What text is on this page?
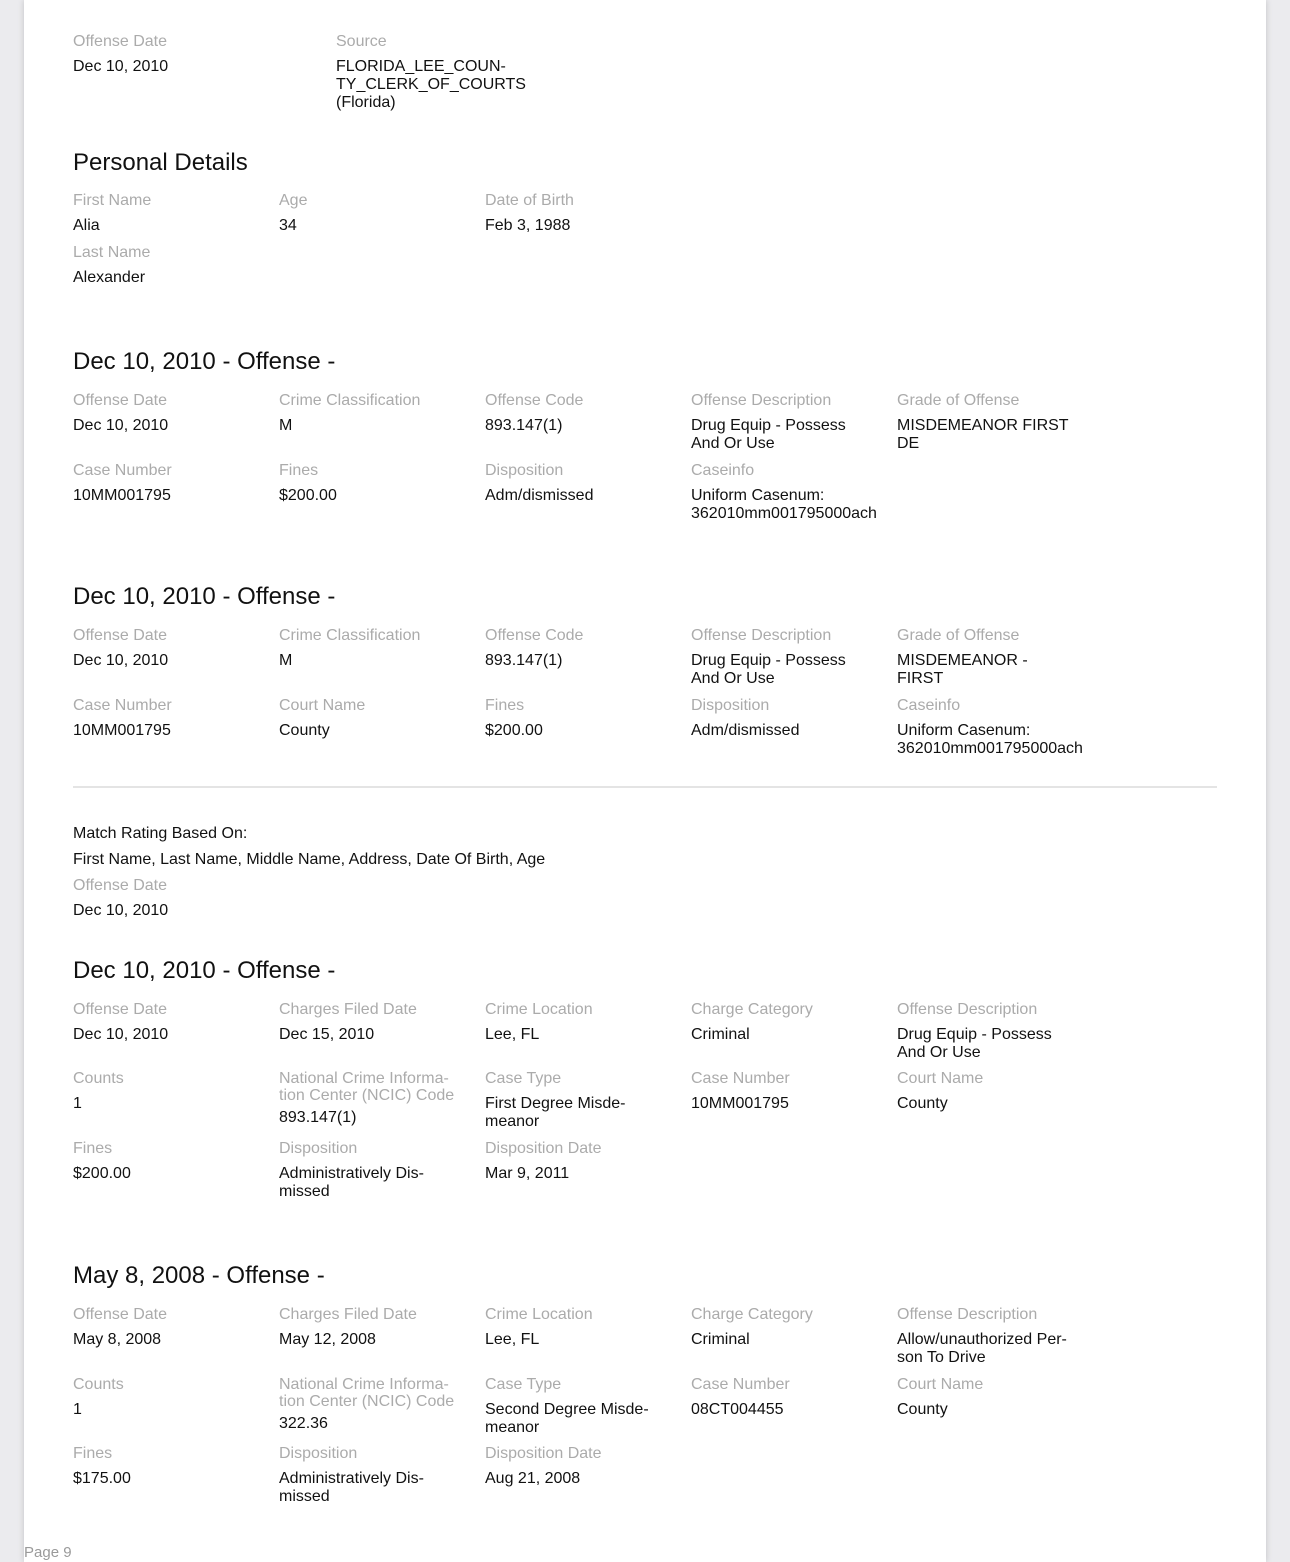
Offense Date
Dec 10, 2010
Source
FLORIDA_LEE_COUN-
TY_CLERK_OF_COURTS
(Florida)
Personal Details
First Name
Alia
Age
34
Date of Birth
Feb 3, 1988
Last Name
Alexander
Dec 10, 2010 - Offense -
Offense Date
Dec 10, 2010
Crime Classification
M
Offense Code
893.147(1)
Offense Description
Drug Equip - Possess
And Or Use
Grade of Offense
MISDEMEANOR FIRST
DE
Case Number
10MM001795
Fines
$200.00
Disposition
Adm/dismissed
Caseinfo
Uniform Casenum:
362010mm001795000ach
Dec 10, 2010 - Offense -
Offense Date
Dec 10, 2010
Crime Classification
M
Offense Code
893.147(1)
Offense Description
Drug Equip - Possess
And Or Use
Grade of Offense
MISDEMEANOR -
FIRST
Case Number
10MM001795
Court Name
County
Fines
$200.00
Disposition
Adm/dismissed
Caseinfo
Uniform Casenum:
362010mm001795000ach
Match Rating Based On:
First Name, Last Name, Middle Name, Address, Date Of Birth, Age
Offense Date
Dec 10, 2010
Dec 10, 2010 - Offense -
Offense Date
Dec 10, 2010
Charges Filed Date
Dec 15, 2010
Crime Location
Lee, FL
Charge Category
Criminal
Offense Description
Drug Equip - Possess
And Or Use
Counts
1
National Crime Informa-
tion Center (NCIC) Code
893.147(1)
Case Type
First Degree Misde-
meanor
Case Number
10MM001795
Court Name
County
Fines
$200.00
Disposition
Administratively Dis-
missed
Disposition Date
Mar 9, 2011
May 8, 2008 - Offense -
Offense Date
May 8, 2008
Charges Filed Date
May 12, 2008
Crime Location
Lee, FL
Charge Category
Criminal
Offense Description
Allow/unauthorized Per-
son To Drive
Counts
1
National Crime Informa-
tion Center (NCIC) Code
322.36
Case Type
Second Degree Misde-
meanor
Case Number
08CT004455
Court Name
County
Fines
$175.00
Disposition
Administratively Dis-
missed
Disposition Date
Aug 21, 2008
Page 9
